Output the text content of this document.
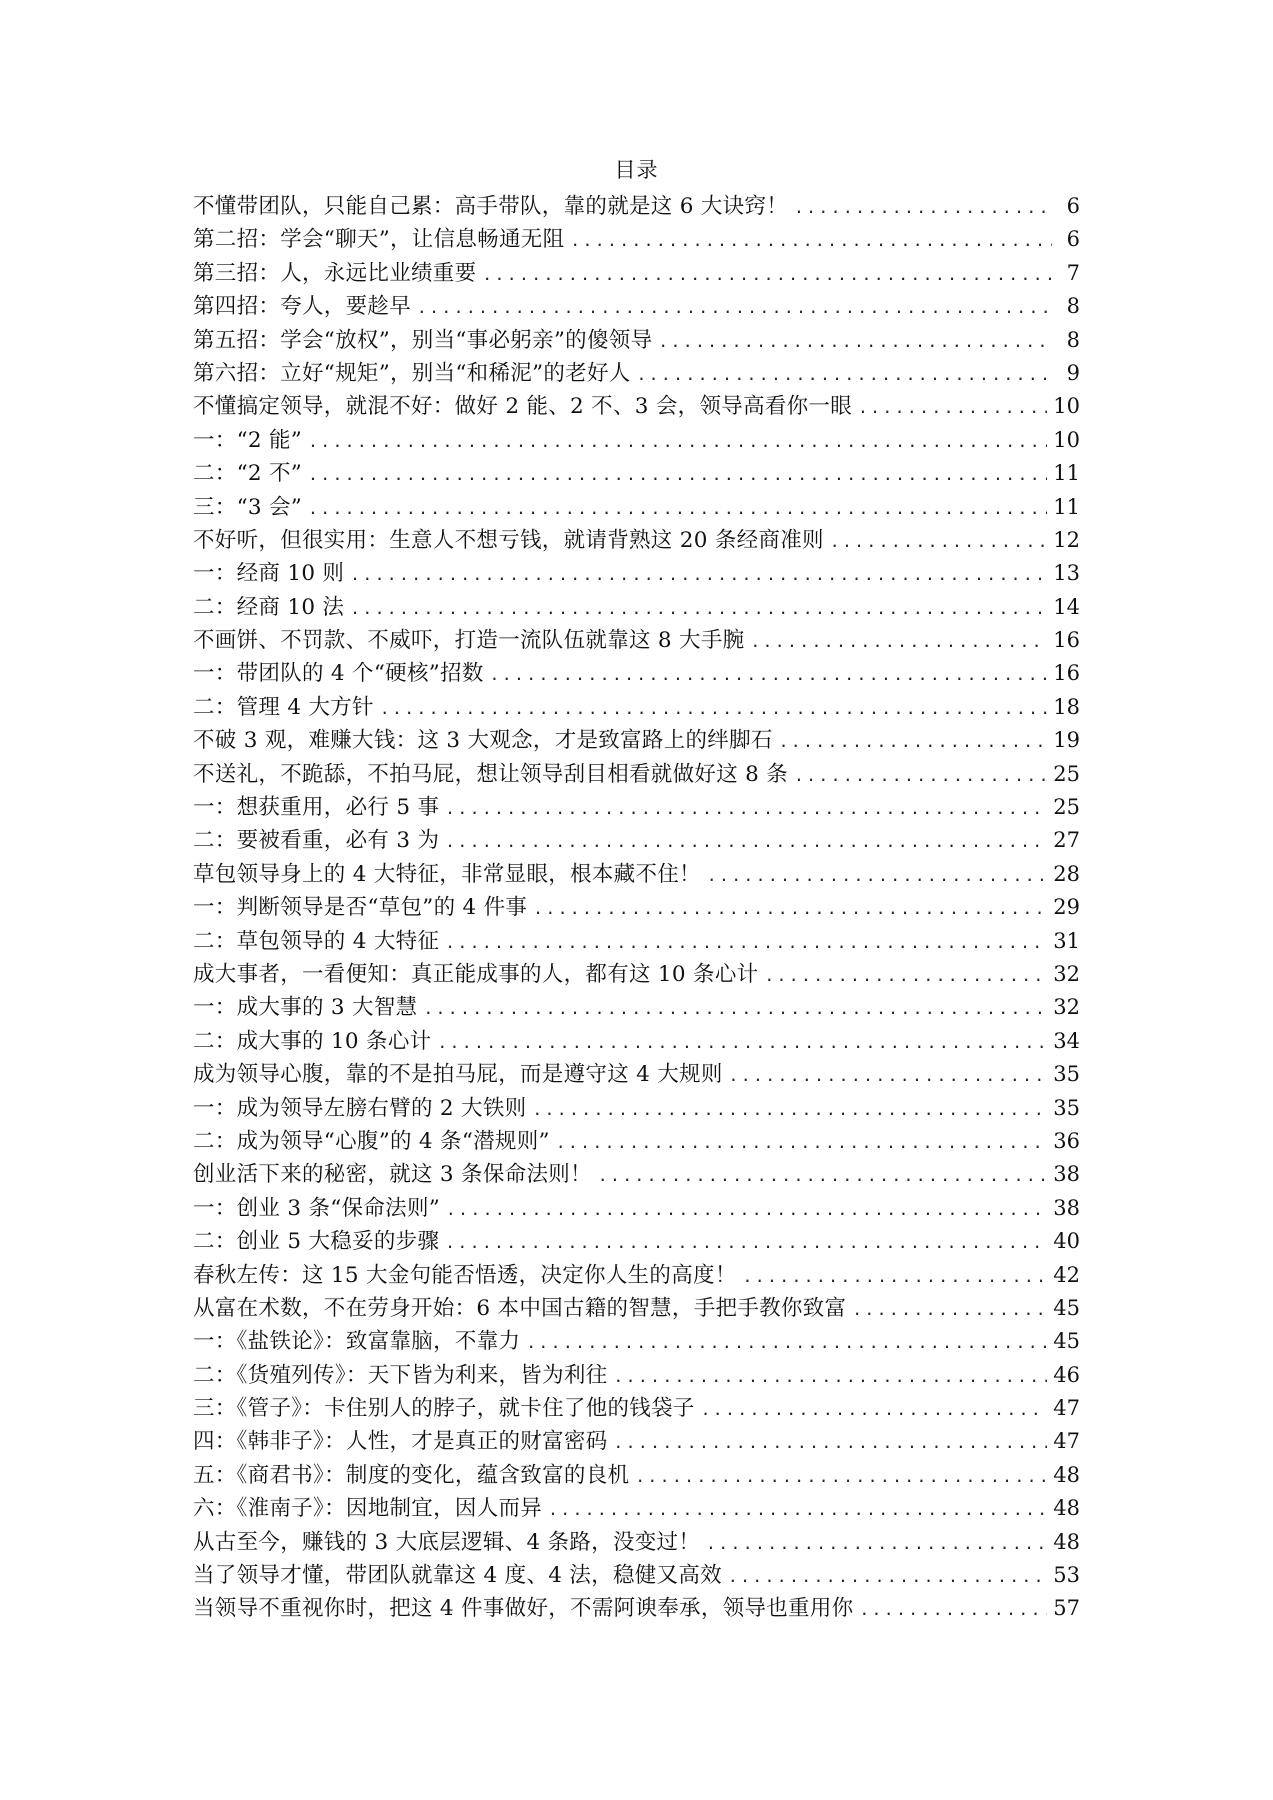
目录
不懂带团队，只能自己累：高手带队，靠的就是这 6 大诀窍！ .....	6
第二招：学会“聊天”，让信息畅通无阻 .....	6
第三招：人，永远比业绩重要 .....	7
第四招：夸人，要趁早 .....	8
第五招：学会“放权”，别当“事必躬亲”的傻领导 .....	8
第六招：立好“规矩”，别当“和稀泥”的老好人 .....	9
不懂搞定领导，就混不好：做好 2 能、2 不、3 会，领导高看你一眼 .....	10
一：“2 能” .....	10
二：“2 不” .....	11
三：“3 会” .....	11
不好听，但很实用：生意人不想亏钱，就请背熟这 20 条经商准则 .....	12
一：经商 10 则 .....	13
二：经商 10 法 .....	14
不画饼、不罚款、不威吓，打造一流队伍就靠这 8 大手腕 .....	16
一：带团队的 4 个“硬核”招数 .....	16
二：管理 4 大方针 .....	18
不破 3 观，难赚大钱：这 3 大观念，才是致富路上的绊脚石 .....	19
不送礼，不跪舔，不拍马屁，想让领导刮目相看就做好这 8 条 .....	25
一：想获重用，必行 5 事 .....	25
二：要被看重，必有 3 为 .....	27
草包领导身上的 4 大特征，非常显眼，根本藏不住！ .....	28
一：判断领导是否“草包”的 4 件事 .....	29
二：草包领导的 4 大特征 .....	31
成大事者，一看便知：真正能成事的人，都有这 10 条心计 .....	32
一：成大事的 3 大智慧 .....	32
二：成大事的 10 条心计 .....	34
成为领导心腹，靠的不是拍马屁，而是遵守这 4 大规则 .....	35
一：成为领导左膀右臂的 2 大铁则 .....	35
二：成为领导“心腹”的 4 条“潜规则” .....	36
创业活下来的秘密，就这 3 条保命法则！ .....	38
一：创业 3 条“保命法则” .....	38
二：创业 5 大稳妥的步骤 .....	40
春秋左传：这 15 大金句能否悟透，决定你人生的高度！ .....	42
从富在术数，不在劳身开始：6 本中国古籍的智慧，手把手教你致富 .....	45
一：《盐铁论》：致富靠脑，不靠力 .....	45
二：《货殖列传》：天下皆为利来，皆为利往 .....	46
三：《管子》：卡住别人的脖子，就卡住了他的钱袋子 .....	47
四：《韩非子》：人性，才是真正的财富密码 .....	47
五：《商君书》：制度的变化，蕴含致富的良机 .....	48
六：《淮南子》：因地制宜，因人而异 .....	48
从古至今，赚钱的 3 大底层逻辑、4 条路，没变过！ .....	48
当了领导才懂，带团队就靠这 4 度、4 法，稳健又高效 .....	53
当领导不重视你时，把这 4 件事做好，不需阿谀奉承，领导也重用你 .....	57
